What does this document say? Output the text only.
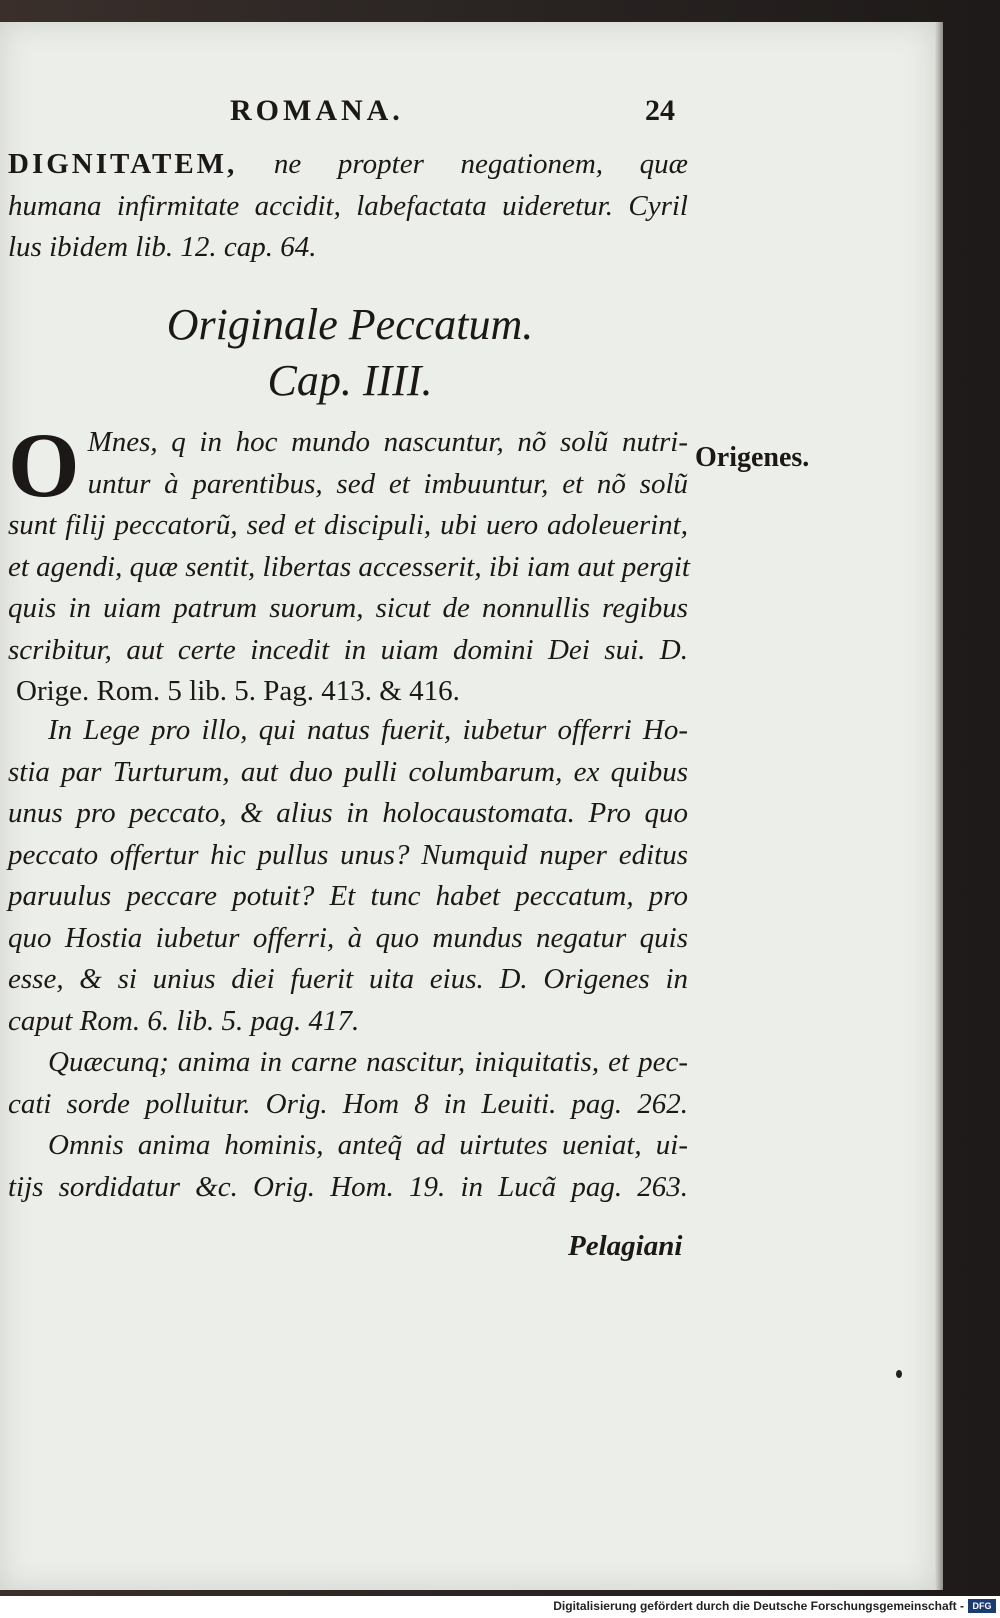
ROMANA.	24
DIGNITATEM, ne propter negationem, quæ
humana infirmitate accidit, labefactata uideretur. Cyril
lus ibidem lib. 12. cap. 64.
Originale Peccatum.
Cap. IIII.
Origenes.
O Mnes, q in hoc mundo nascuntur, nõ solũ nutri-
untur à parentibus, sed et imbuuntur, et nõ solũ
sunt filij peccatorũ, sed et discipuli, ubi uero adoleuerint,
et agendi, quæ sentit, libertas accesserit, ibi iam aut pergit
quis in uiam patrum suorum, sicut de nonnullis regibus
scribitur, aut certe incedit in uiam domini Dei sui. D.
Orige. Rom. 5 lib. 5. Pag. 413. & 416.
In Lege pro illo, qui natus fuerit, iubetur offerri Ho-
stia par Turturum, aut duo pulli columbarum, ex quibus
unus pro peccato, & alius in holocaustomata. Pro quo
peccato offertur hic pullus unus? Numquid nuper editus
paruulus peccare potuit? Et tunc habet peccatum, pro
quo Hostia iubetur offerri, à quo mundus negatur quis
esse, & si unius diei fuerit uita eius. D. Origenes in
caput Rom. 6. lib. 5. pag. 417.
Quæcunq; anima in carne nascitur, iniquitatis, et pec-
cati sorde polluitur. Orig. Hom 8 in Leuiti. pag. 262.
Omnis anima hominis, anteq̃ ad uirtutes ueniat, ui-
tijs sordidatur &c. Orig. Hom. 19. in Lucã pag. 263.
Pelagiani
Digitalisierung gefördert durch die Deutsche Forschungsgemeinschaft - DFG
